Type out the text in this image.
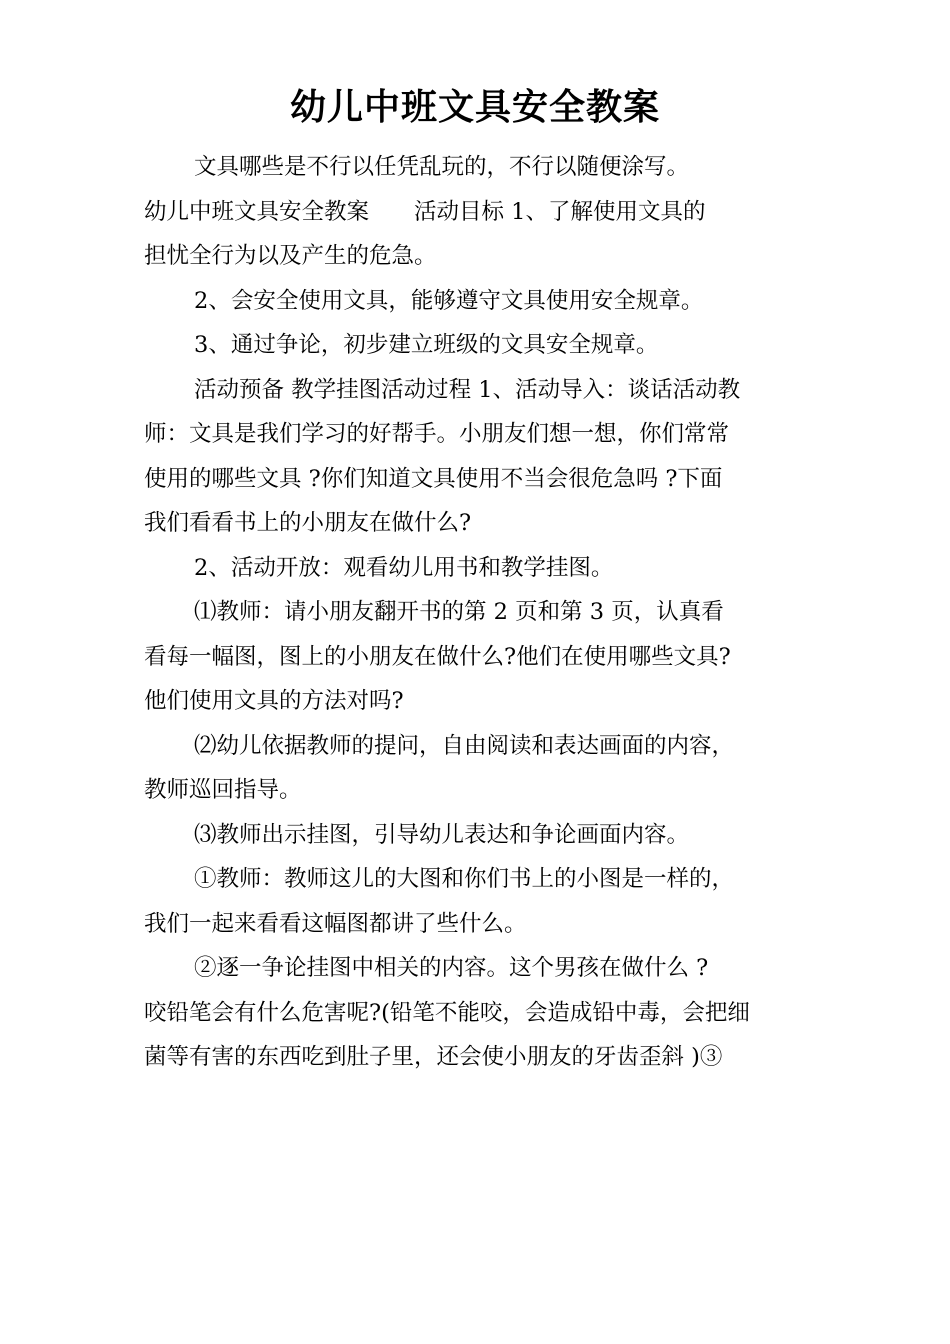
幼儿中班文具安全教案
文具哪些是不行以任凭乱玩的，不行以随便涂写。
幼儿中班文具安全教案　　活动目标 1、了解使用文具的
担忧全行为以及产生的危急。
2、会安全使用文具，能够遵守文具使用安全规章。
3、通过争论，初步建立班级的文具安全规章。
活动预备 教学挂图活动过程 1、活动导入：谈话活动教
师：文具是我们学习的好帮手。小朋友们想一想，你们常常
使用的哪些文具 ?你们知道文具使用不当会很危急吗 ?下面
我们看看书上的小朋友在做什么?
2、活动开放：观看幼儿用书和教学挂图。
⑴教师：请小朋友翻开书的第 2 页和第 3 页，认真看
看每一幅图，图上的小朋友在做什么?他们在使用哪些文具?
他们使用文具的方法对吗?
⑵幼儿依据教师的提问，自由阅读和表达画面的内容，
教师巡回指导。
⑶教师出示挂图，引导幼儿表达和争论画面内容。
①教师：教师这儿的大图和你们书上的小图是一样的，
我们一起来看看这幅图都讲了些什么。
②逐一争论挂图中相关的内容。这个男孩在做什么 ?
咬铅笔会有什么危害呢?(铅笔不能咬，会造成铅中毒，会把细
菌等有害的东西吃到肚子里，还会使小朋友的牙齿歪斜 )③
